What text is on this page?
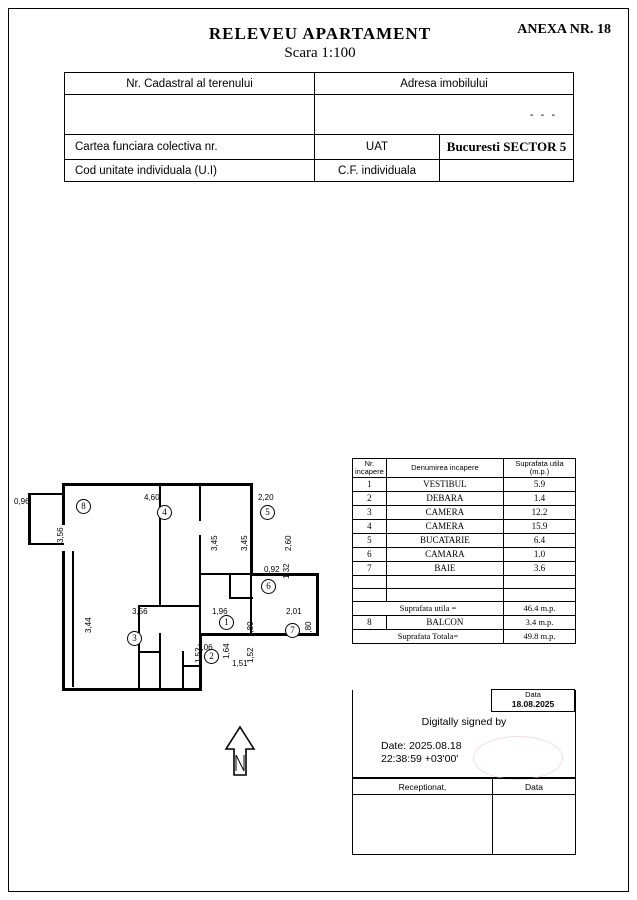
RELEVEU APARTAMENT
Scara 1:100
ANEXA NR. 18
Nr. Cadastral al terenului	Adresa imobilului	

	- - -	

Cartea funciara colectiva nr.	UAT	Bucuresti SECTOR 5
Cod unitate individuala (U.I)	C.F. individuala	
Nr.
incapere	Denumirea incapere	Suprafata utila (m.p.)
1	VESTIBUL	5.9
2	DEBARA	1.4
3	CAMERA	12.2
4	CAMERA	15.9
5	BUCATARIE	6.4
6	CAMARA	1.0
7	BAIE	3.6

Suprafata utila =		46.4 m.p.
8	BALCON	3.4 m.p.
Suprafata Totala=		49.8 m.p.
Data
18.08.2025
Digitally signed by
Date: 2025.08.18
22:38:59 +03'00'
Receptionat,	Data

8
4	5
6
1
7
3
2
0,96	4,60	2,20
3,56
3,45	3,45	2,60
3,56	1,96
1,80
2,01
1,80
3,44
1,06
1,52 1,64
1,51
1,52
0,92 1,32
